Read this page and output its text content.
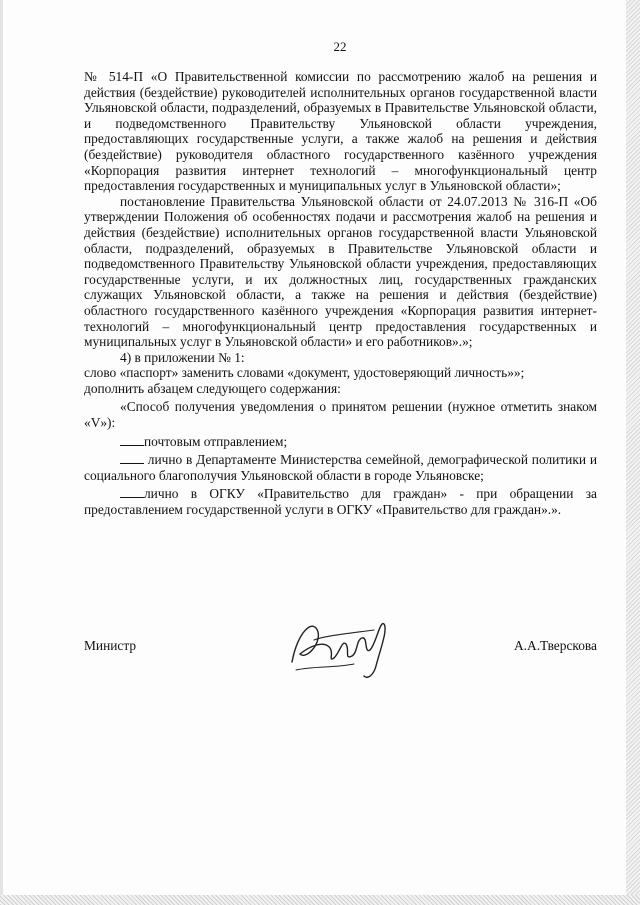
22

№ 514-П «О Правительственной комиссии по рассмотрению жалоб на решения и действия (бездействие) руководителей исполнительных органов государственной власти Ульяновской области, подразделений, образуемых в Правительстве Ульяновской области, и подведомственного Правительству Ульяновской области учреждения, предоставляющих государственные услуги, а также жалоб на решения и действия (бездействие) руководителя областного государственного казённого учреждения «Корпорация развития интернет технологий – многофункциональный центр предоставления государственных и муниципальных услуг в Ульяновской области»;

постановление Правительства Ульяновской области от 24.07.2013 № 316-П «Об утверждении Положения об особенностях подачи и рассмотрения жалоб на решения и действия (бездействие) исполнительных органов государственной власти Ульяновской области, подразделений, образуемых в Правительстве Ульяновской области и подведомственного Правительству Ульяновской области учреждения, предоставляющих государственные услуги, и их должностных лиц, государственных гражданских служащих Ульяновской области, а также на решения и действия (бездействие) областного государственного казённого учреждения «Корпорация развития интернет-технологий – многофункциональный центр предоставления государственных и муниципальных услуг в Ульяновской области» и его работников».»;

4) в приложении № 1:

слово «паспорт» заменить словами «документ, удостоверяющий личность»»;

дополнить абзацем следующего содержания:

«Способ получения уведомления о принятом решении (нужное отметить знаком «V»):

почтовым отправлением;

лично в Департаменте Министерства семейной, демографической политики и социального благополучия Ульяновской области в городе Ульяновске;

лично в ОГКУ «Правительство для граждан» - при обращении за предоставлением государственной услуги в ОГКУ «Правительство для граждан».».

Министр	А.А.Тверскова
